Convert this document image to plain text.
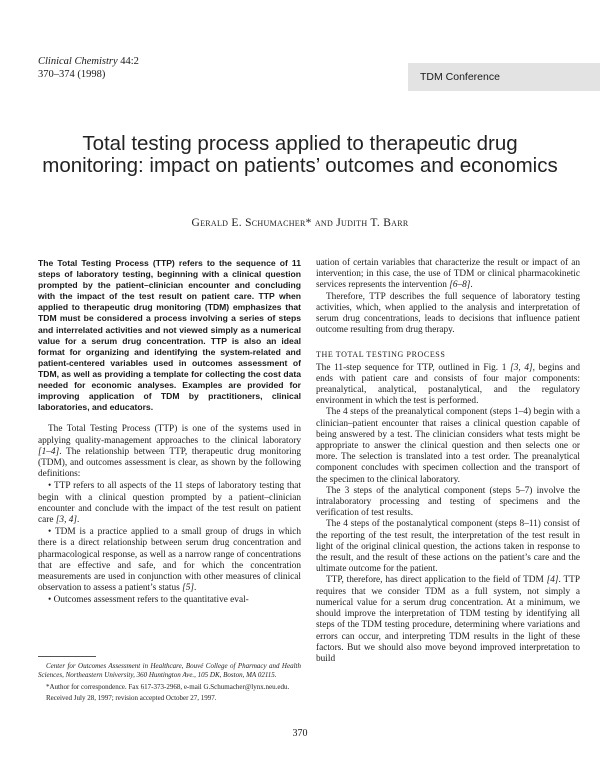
Clinical Chemistry 44:2
370–374 (1998)	TDM Conference
Total testing process applied to therapeutic drug monitoring: impact on patients’ outcomes and economics
Gerald E. Schumacher* and Judith T. Barr

The Total Testing Process (TTP) refers to the sequence of 11 steps of laboratory testing, beginning with a clinical question prompted by the patient–clinician encounter and concluding with the impact of the test result on patient care. TTP when applied to therapeutic drug monitoring (TDM) emphasizes that TDM must be considered a process involving a series of steps and interrelated activities and not viewed simply as a numerical value for a serum drug concentration. TTP is also an ideal format for organizing and identifying the system-related and patient-centered variables used in outcomes assessment of TDM, as well as providing a template for collecting the cost data needed for economic analyses. Examples are provided for improving application of TDM by practitioners, clinical laboratories, and educators.

The Total Testing Process (TTP) is one of the systems used in applying quality-management approaches to the clinical laboratory [1–4]. The relationship between TTP, therapeutic drug monitoring (TDM), and outcomes assessment is clear, as shown by the following definitions:

• TTP refers to all aspects of the 11 steps of laboratory testing that begin with a clinical question prompted by a patient–clinician encounter and conclude with the impact of the test result on patient care [3, 4].

• TDM is a practice applied to a small group of drugs in which there is a direct relationship between serum drug concentration and pharmacological response, as well as a narrow range of concentrations that are effective and safe, and for which the concentration measurements are used in conjunction with other measures of clinical observation to assess a patient’s status [5].

• Outcomes assessment refers to the quantitative eval-

uation of certain variables that characterize the result or impact of an intervention; in this case, the use of TDM or clinical pharmacokinetic services represents the intervention [6–8].

Therefore, TTP describes the full sequence of laboratory testing activities, which, when applied to the analysis and interpretation of serum drug concentrations, leads to decisions that influence patient outcome resulting from drug therapy.

THE TOTAL TESTING PROCESS

The 11-step sequence for TTP, outlined in Fig. 1 [3, 4], begins and ends with patient care and consists of four major components: preanalytical, analytical, postanalytical, and the regulatory environment in which the test is performed.

The 4 steps of the preanalytical component (steps 1–4) begin with a clinician–patient encounter that raises a clinical question capable of being answered by a test. The clinician considers what tests might be appropriate to answer the clinical question and then selects one or more. The selection is translated into a test order. The preanalytical component concludes with specimen collection and the transport of the specimen to the clinical laboratory.

The 3 steps of the analytical component (steps 5–7) involve the intralaboratory processing and testing of specimens and the verification of test results.

The 4 steps of the postanalytical component (steps 8–11) consist of the reporting of the test result, the interpretation of the test result in light of the original clinical question, the actions taken in response to the result, and the result of these actions on the patient’s care and the ultimate outcome for the patient.

TTP, therefore, has direct application to the field of TDM [4]. TTP requires that we consider TDM as a full system, not simply a numerical value for a serum drug concentration. At a minimum, we should improve the interpretation of TDM testing by identifying all steps of the TDM testing procedure, determining where variations and errors can occur, and interpreting TDM results in the light of these factors. But we should also move beyond improved interpretation to build

Center for Outcomes Assessment in Healthcare, Bouvé College of Pharmacy and Health Sciences, Northeastern University, 360 Huntington Ave., 105 DK, Boston, MA 02115.

*Author for correspondence. Fax 617-373-2968, e-mail G.Schumacher@lynx.neu.edu.

Received July 28, 1997; revision accepted October 27, 1997.

370
